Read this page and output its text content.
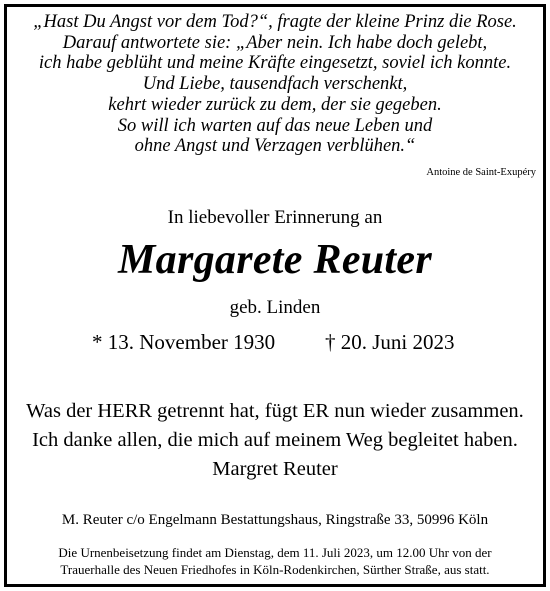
„Hast Du Angst vor dem Tod?“, fragte der kleine Prinz die Rose.
Darauf antwortete sie: „Aber nein. Ich habe doch gelebt,
ich habe geblüht und meine Kräfte eingesetzt, soviel ich konnte.
Und Liebe, tausendfach verschenkt,
kehrt wieder zurück zu dem, der sie gegeben.
So will ich warten auf das neue Leben und
ohne Angst und Verzagen verblühen.“
Antoine de Saint-Exupéry
In liebevoller Erinnerung an
Margarete Reuter
geb. Linden
* 13. November 1930 † 20. Juni 2023
Was der HERR getrennt hat, fügt ER nun wieder zusammen.
Ich danke allen, die mich auf meinem Weg begleitet haben.
Margret Reuter
M. Reuter c/o Engelmann Bestattungshaus, Ringstraße 33, 50996 Köln
Die Urnenbeisetzung findet am Dienstag, dem 11. Juli 2023, um 12.00 Uhr von der
Trauerhalle des Neuen Friedhofes in Köln-Rodenkirchen, Sürther Straße, aus statt.
